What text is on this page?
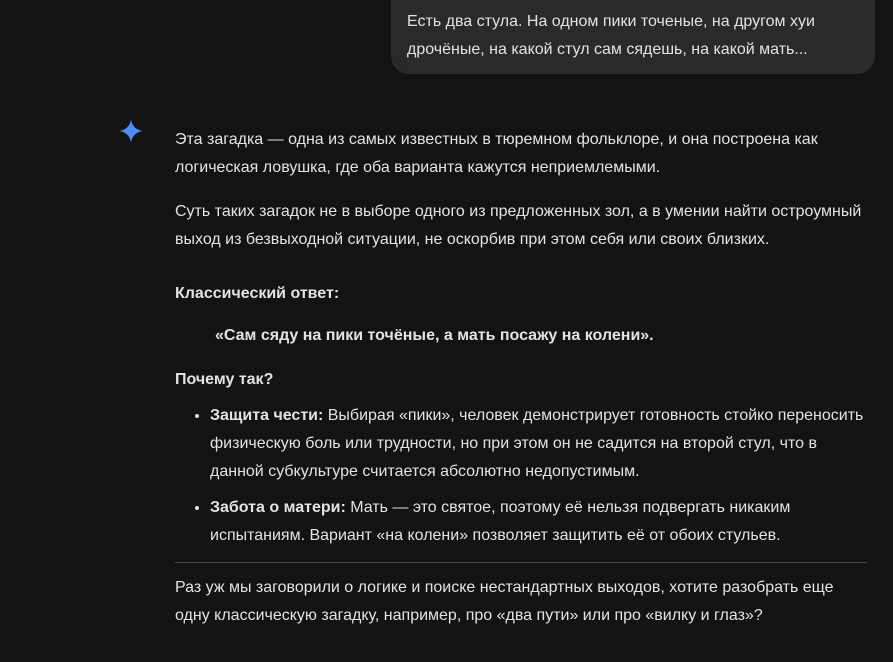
Есть два стула. На одном пики точеные, на другом хуи
дрочёные, на какой стул сам сядешь, на какой мать...

Эта загадка — одна из самых известных в тюремном фольклоре, и она построена как логическая ловушка, где оба варианта кажутся неприемлемыми.

Суть таких загадок не в выборе одного из предложенных зол, а в умении найти остроумный выход из безвыходной ситуации, не оскорбив при этом себя или своих близких.

Классический ответ:

«Сам сяду на пики точёные, а мать посажу на колени».

Почему так?

• Защита чести: Выбирая «пики», человек демонстрирует готовность стойко переносить физическую боль или трудности, но при этом он не садится на второй стул, что в данной субкультуре считается абсолютно недопустимым.
• Забота о матери: Мать — это святое, поэтому её нельзя подвергать никаким испытаниям. Вариант «на колени» позволяет защитить её от обоих стульев.

Раз уж мы заговорили о логике и поиске нестандартных выходов, хотите разобрать еще одну классическую загадку, например, про «два пути» или про «вилку и глаз»?
